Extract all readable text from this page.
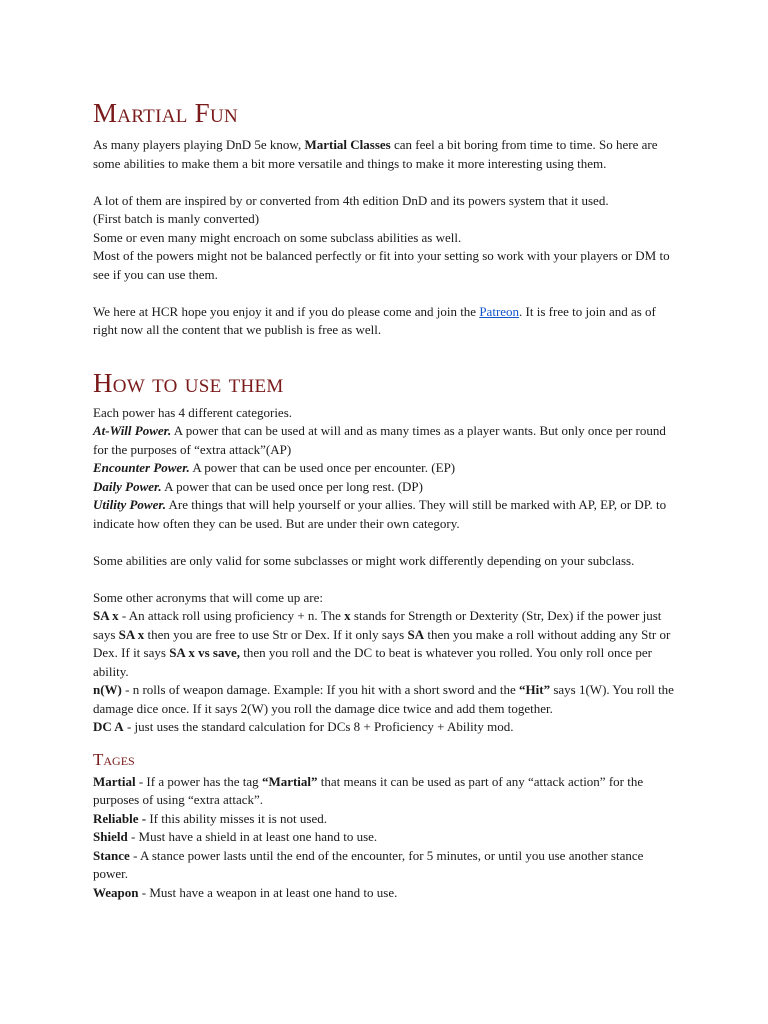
Martial Fun

As many players playing DnD 5e know, Martial Classes can feel a bit boring from time to time. So here are some abilities to make them a bit more versatile and things to make it more interesting using them.

A lot of them are inspired by or converted from 4th edition DnD and its powers system that it used.

(First batch is manly converted)

Some or even many might encroach on some subclass abilities as well.

Most of the powers might not be balanced perfectly or fit into your setting so work with your players or DM to see if you can use them.

We here at HCR hope you enjoy it and if you do please come and join the Patreon. It is free to join and as of right now all the content that we publish is free as well.

How to use them

Each power has 4 different categories.

At-Will Power. A power that can be used at will and as many times as a player wants. But only once per round for the purposes of “extra attack”(AP)

Encounter Power. A power that can be used once per encounter. (EP)

Daily Power. A power that can be used once per long rest. (DP)

Utility Power. Are things that will help yourself or your allies. They will still be marked with AP, EP, or DP. to indicate how often they can be used. But are under their own category.

Some abilities are only valid for some subclasses or might work differently depending on your subclass.

Some other acronyms that will come up are:

SA x - An attack roll using proficiency + n. The x stands for Strength or Dexterity (Str, Dex) if the power just says SA x then you are free to use Str or Dex. If it only says SA then you make a roll without adding any Str or Dex. If it says SA x vs save, then you roll and the DC to beat is whatever you rolled. You only roll once per ability.

n(W) - n rolls of weapon damage. Example: If you hit with a short sword and the “Hit” says 1(W). You roll the damage dice once. If it says 2(W) you roll the damage dice twice and add them together.

DC A - just uses the standard calculation for DCs 8 + Proficiency + Ability mod.

Tages

Martial - If a power has the tag “Martial” that means it can be used as part of any “attack action” for the purposes of using “extra attack”.

Reliable - If this ability misses it is not used.

Shield - Must have a shield in at least one hand to use.

Stance - A stance power lasts until the end of the encounter, for 5 minutes, or until you use another stance power.

Weapon - Must have a weapon in at least one hand to use.
